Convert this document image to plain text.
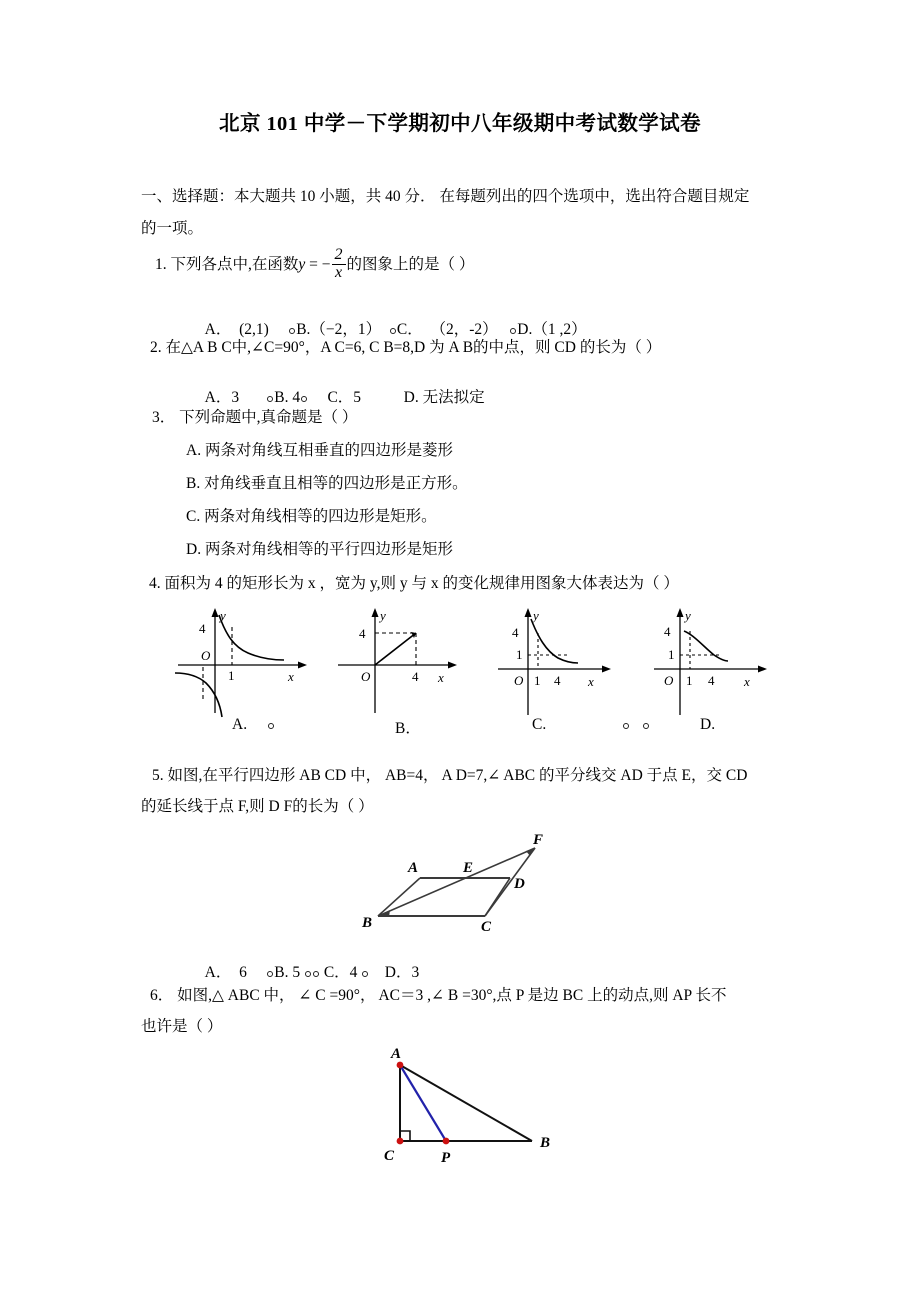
北京 101 中学－下学期初中八年级期中考试数学试卷
一、选择题：本大题共 10 小题，共 40 分． 在每题列出的四个选项中，选出符合题目规定
的一项。
1. 下列各点中,在函数y = − $\frac{2}{x}$ 的图象上的是（ ）

A．  (2,1) B.（−2，1） C．  （2，-2） D.（1 ,2）

2. 在△A B C中,∠C=90°，A C=6, C B=8,D 为 A B的中点，则 CD 的长为（ ）

A．3 B. 4 C．5	D. 无法拟定

3． 下列命题中,真命题是（ ）
A. 两条对角线互相垂直的四边形是菱形
B. 对角线垂直且相等的四边形是正方形。
C. 两条对角线相等的四边形是矩形。
D. 两条对角线相等的平行四边形是矩形
4. 面积为 4 的矩形长为 x ，宽为 y,则 y 与 x 的变化规律用图象大体表达为（ ）
4
O
1	x
y
4
O	4 x
y
4
1
O 1 4 x
y
4
1
O 1 4 x
y
A.	B．	C.	D.
5. 如图,在平行四边形 AB CD 中， AB=4， A D=7,∠ ABC 的平分线交 AD 于点 E，交 CD
的延长线于点 F,则 D F的长为（ ）
A
B	C
D
E
F

A．  6 B. 5 C．4 D．3

6． 如图,△ ABC 中， ∠ C =90°， AC＝3 ,∠ B =30°,点 P 是边 BC 上的动点,则 AP 长不
也许是（ ）
A
C	P
B
